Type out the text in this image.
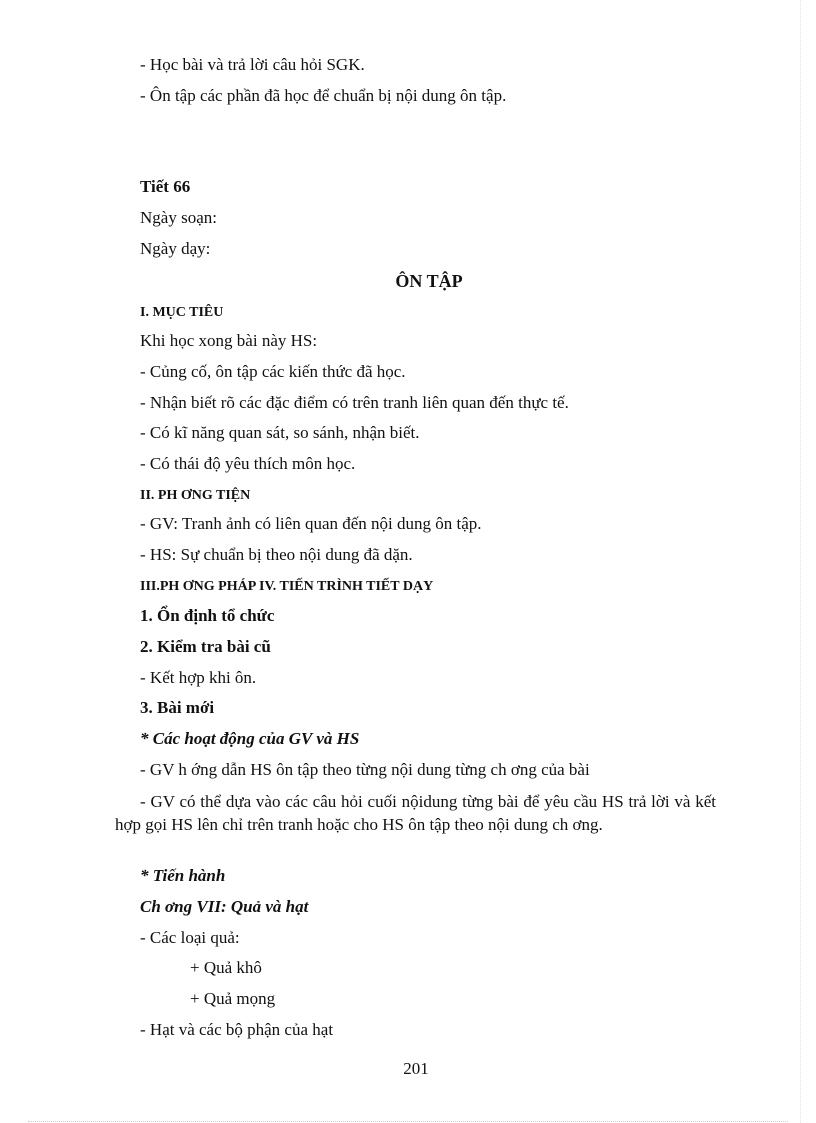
- Học bài và trả lời câu hỏi SGK.
- Ôn tập các phần đã học để chuẩn bị nội dung ôn tập.
Tiết 66
Ngày soạn:
Ngày dạy:
ÔN TẬP
I. MỤC TIÊU
Khi học xong bài này HS:
- Củng cố, ôn tập các kiến thức đã học.
- Nhận biết rõ các đặc điểm có trên tranh liên quan đến thực tế.
- Có kĩ năng quan sát, so sánh, nhận biết.
- Có thái độ yêu thích môn học.
II. PH ƠNG TIỆN
- GV: Tranh ảnh có liên quan đến nội dung ôn tập.
- HS: Sự chuẩn bị theo nội dung đã dặn.
III.PH ƠNG PHÁP IV. TIẾN TRÌNH TIẾT DẠY
1. Ổn định tổ chức
2. Kiểm tra bài cũ
- Kết hợp khi ôn.
3. Bài mới
* Các hoạt động của GV và HS
- GV h ớng dẫn HS ôn tập theo từng nội dung từng ch ơng của bài
- GV có thể dựa vào các câu hỏi cuối nộidung từng bài để yêu cầu HS trả lời và kết hợp gọi HS lên chỉ trên tranh hoặc cho HS ôn tập theo nội dung ch ơng.
* Tiến hành
Ch ơng VII: Quả và hạt
- Các loại quả:
+ Quả khô
+ Quả mọng
- Hạt và các bộ phận của hạt
201
